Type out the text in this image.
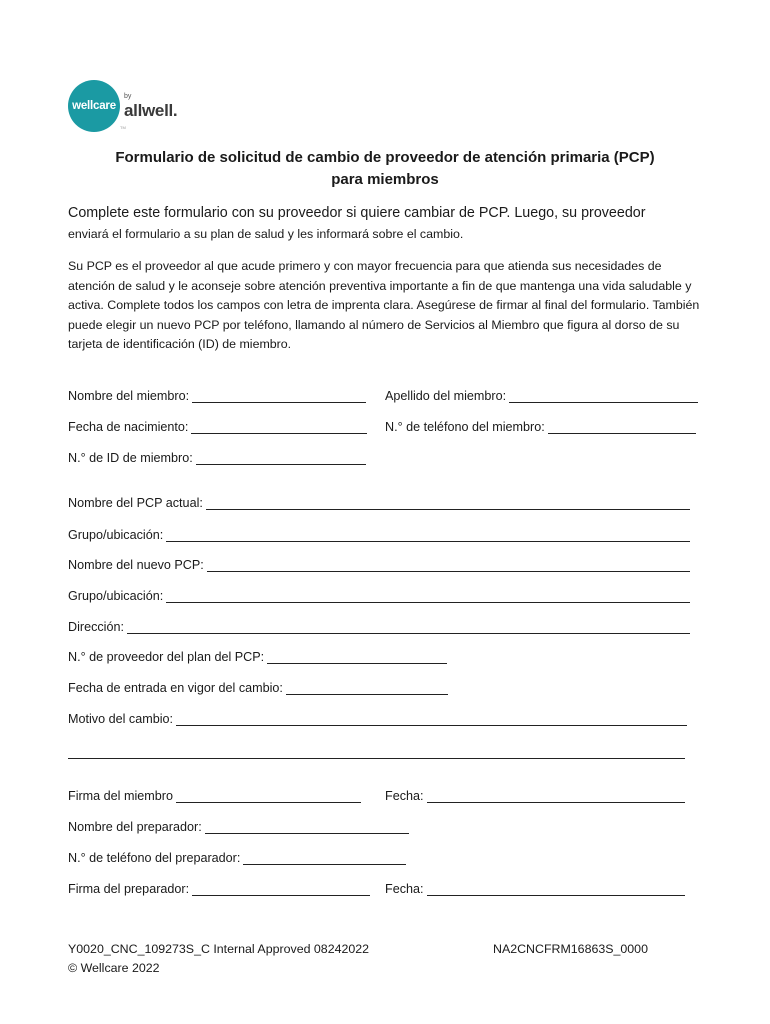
wellcare
by
allwell.
TM
Formulario de solicitud de cambio de proveedor de atención primaria (PCP)
para miembros
Complete este formulario con su proveedor si quiere cambiar de PCP. Luego, su proveedor
enviará el formulario a su plan de salud y les informará sobre el cambio.
Su PCP es el proveedor al que acude primero y con mayor frecuencia para que atienda sus necesidades de atención de salud y le aconseje sobre atención preventiva importante a fin de que mantenga una vida saludable y activa. Complete todos los campos con letra de imprenta clara. Asegúrese de firmar al final del formulario. También puede elegir un nuevo PCP por teléfono, llamando al número de Servicios al Miembro que figura al dorso de su tarjeta de identificación (ID) de miembro.
Nombre del miembro:	Apellido del miembro:
Fecha de nacimiento:	N.° de teléfono del miembro:
N.° de ID de miembro:
Nombre del PCP actual:
Grupo/ubicación:
Nombre del nuevo PCP:
Grupo/ubicación:
Dirección:
N.° de proveedor del plan del PCP:
Fecha de entrada en vigor del cambio:
Motivo del cambio:
Firma del miembro	Fecha:
Nombre del preparador:
N.° de teléfono del preparador:
Firma del preparador:	Fecha:
Y0020_CNC_109273S_C Internal Approved 08242022
© Wellcare 2022
NA2CNCFRM16863S_0000
